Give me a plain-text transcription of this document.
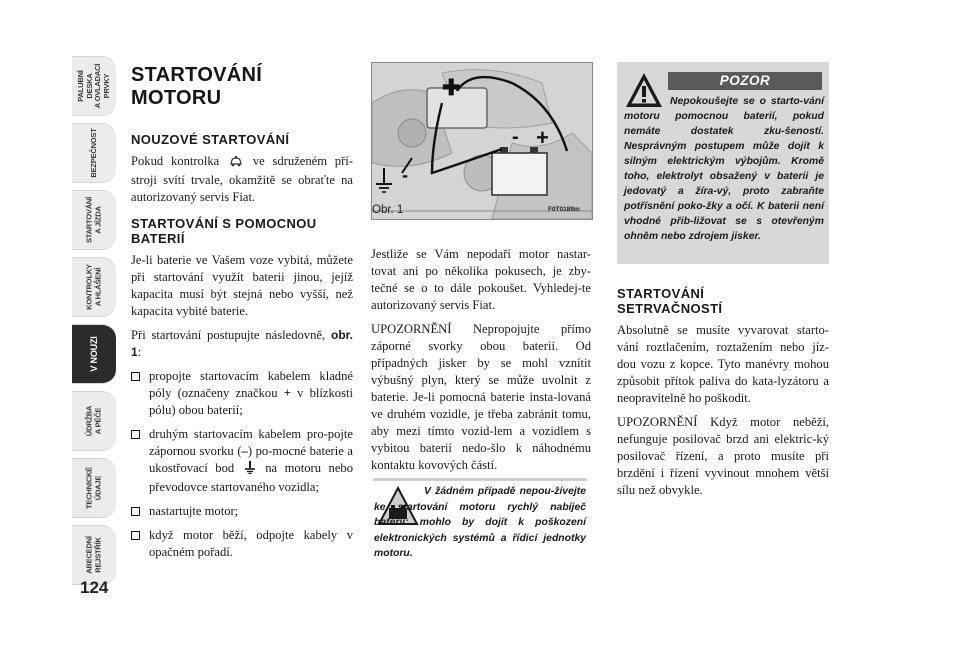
PALUBNÍ DESKA
A OVLADACÍ PRVKY
BEZPEČNOST
STARTOVÁNÍ
A JÍZDA
KONTROLKY
A HLÁŠENÍ
V NOUZI
ÚDRŽBA
A PÉČE
TECHNICKÉ
ÚDAJE
ABECEDNÍ
REJSTŘÍK
124
STARTOVÁNÍ MOTORU
NOUZOVÉ STARTOVÁNÍ

Pokud kontrolka	ve sdruženém pří-stroji svítí trvale, okamžitě se obraťte na autorizovaný servis Fiat.

STARTOVÁNÍ S POMOCNOU BATERIÍ

Je-li baterie ve Vašem voze vybitá, můžete při startování využít baterii jinou, jejíž kapacita musí být stejná nebo vyšší, než kapacita vybité baterie.

Při startování postupujte následovně, obr. 1:

propojte startovacím kabelem kladné póly (označeny značkou + v blízkosti pólu) obou baterií;
druhým startovacím kabelem pro-pojte zápornou svorku (–) po-mocné baterie a ukostřovací bod na motoru nebo převodovce startovaného vozidla;
nastartujte motor;
když motor běží, odpojte kabely v opačném pořadí.
✚
+
-
-
Obr. 1	F0T0189m

Jestliže se Vám nepodaří motor nastar-tovat ani po několika pokusech, je zby-tečné se o to dále pokoušet. Vyhledej-te autorizovaný servis Fiat.

UPOZORNĚNÍ Nepropojujte přímo záporné svorky obou baterií. Od případných jisker by se mohl vznítit výbušný plyn, který se může uvolnit z baterie. Je-li pomocná baterie insta-lovaná ve druhém vozidle, je třeba zabránit tomu, aby mezi tímto vozid-lem a vozidlem s vybitou baterií nedo-šlo k náhodnému kontaktu kovových částí.

V žádném případě nepou-žívejte ke startování motoru rychlý nabíječ baterií: mohlo by dojít k poškození elektronických systémů a řídicí jednotky motoru.
POZOR
Nepokoušejte se o starto-vání motoru pomocnou baterií, pokud nemáte dostatek zku-šeností. Nesprávným postupem může dojít k silným elektrickým výbojům. Kromě toho, elektrolyt obsažený v baterii je jedovatý a žíra-vý, proto zabraňte potřísnění poko-žky a očí. K baterii není vhodné přib-ližovat se s otevřeným ohněm nebo zdrojem jisker.
STARTOVÁNÍ SETRVAČNOSTÍ

Absolutně se musíte vyvarovat starto-vání roztlačením, roztažením nebo jíz-dou vozu z kopce. Tyto manévry mohou způsobit přítok paliva do kata-lyzátoru a neopravitelně ho poškodit.

UPOZORNĚNÍ Když motor neběží, nefunguje posilovač brzd ani elektric-ký posilovač řízení, a proto musíte při brzdění i řízení vyvinout mnohem větší sílu než obvykle.
